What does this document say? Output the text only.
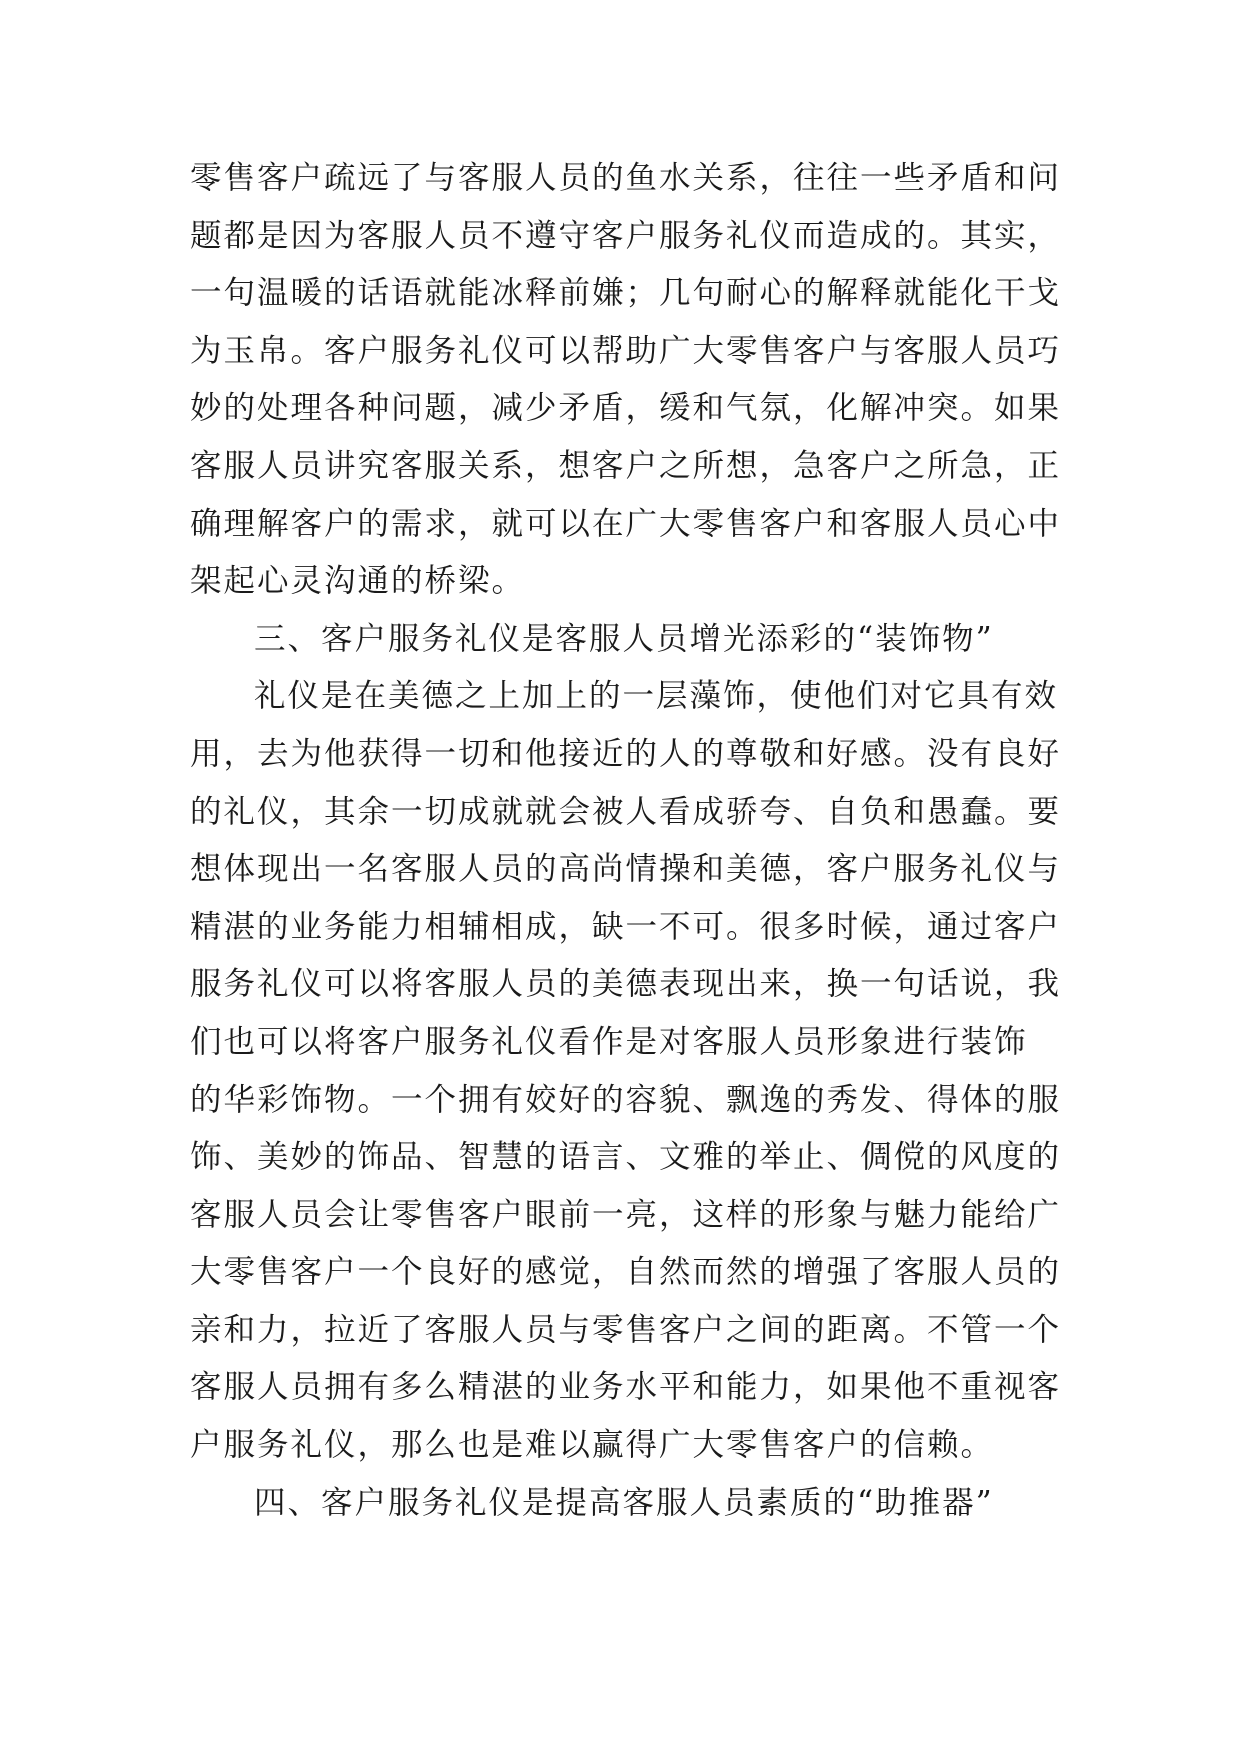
零售客户疏远了与客服人员的鱼水关系，往往一些矛盾和问
题都是因为客服人员不遵守客户服务礼仪而造成的。其实，
一句温暖的话语就能冰释前嫌；几句耐心的解释就能化干戈
为玉帛。客户服务礼仪可以帮助广大零售客户与客服人员巧
妙的处理各种问题，减少矛盾，缓和气氛，化解冲突。如果
客服人员讲究客服关系，想客户之所想，急客户之所急，正
确理解客户的需求，就可以在广大零售客户和客服人员心中
架起心灵沟通的桥梁。
三、客户服务礼仪是客服人员增光添彩的“装饰物”
礼仪是在美德之上加上的一层藻饰，使他们对它具有效
用，去为他获得一切和他接近的人的尊敬和好感。没有良好
的礼仪，其余一切成就就会被人看成骄夸、自负和愚蠢。要
想体现出一名客服人员的高尚情操和美德，客户服务礼仪与
精湛的业务能力相辅相成，缺一不可。很多时候，通过客户
服务礼仪可以将客服人员的美德表现出来，换一句话说，我
们也可以将客户服务礼仪看作是对客服人员形象进行装饰
的华彩饰物。一个拥有姣好的容貌、飘逸的秀发、得体的服
饰、美妙的饰品、智慧的语言、文雅的举止、倜傥的风度的
客服人员会让零售客户眼前一亮，这样的形象与魅力能给广
大零售客户一个良好的感觉，自然而然的增强了客服人员的
亲和力，拉近了客服人员与零售客户之间的距离。不管一个
客服人员拥有多么精湛的业务水平和能力，如果他不重视客
户服务礼仪，那么也是难以赢得广大零售客户的信赖。
四、客户服务礼仪是提高客服人员素质的“助推器”
